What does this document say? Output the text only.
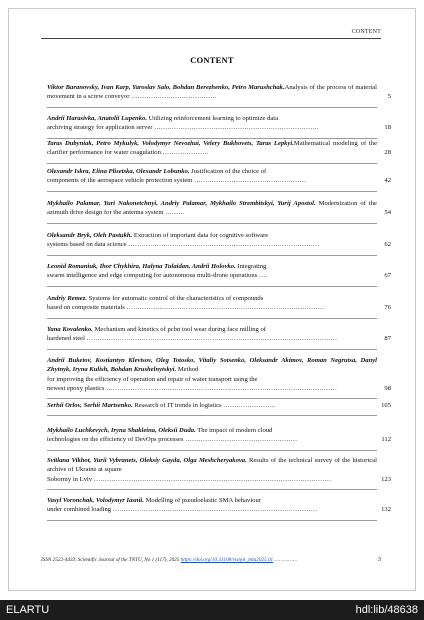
CONTENT
CONTENT
Viktor Baranovsky, Ivan Karp, Yaroslav Salo, Bohdan Berezhenko, Petro Marushchak.Analysis of the process of material movement in a screw conveyor …………………………………	5
Andrii Harasivka, Anatolii Lupenko. Utilizing reinforcement learning to optimize data
archiving strategy for application server …………………………………………………………………	18
Taras Dubyniak, Petro Mykulyk, Volodymyr Nevozhai, Velery Bukhovets, Taras Lepkyi.Mathematical modeling of the clarifier performance for water coagulation …………………	28
Olexandr Iskra, Elina Plisetska, Olexandr Lobunko. Justification of the choice of
components of the aerospace vehicle protection system ……………………………………………	42
Mykhailo Palamar, Yuri Nakonetchnyi, Andriy Palamar, Mykhailo Strembitskyi, Yurij Apostol. Modernization of the azimuth drive design for the antenna system ………	54
Oleksandr Bryk, Oleh Pastukh. Extraction of important data for cognitive software
systems based on data science ……………………………………………………………………………	62
Leonid Romaniuk, Ihor Chykhira, Halyna Tulaidan, Andrii Holovko. Integrating
swarm intelligence and edge computing for autonomous multi-drone operations ….	67
Andriy Remez. Systems for automatic control of the characteristics of compounds
based on composite materials ………………………………………………………………………………	76
Yana Kovalenko. Mechanism and kinetics of pcbn tool wear during face milling of
hardened steel ……………………………………………………………………………………………………	87
Andrii Buketov, Kostiantyn Klevtsov, Oleg Totosko, Vitaliy Sotsenko, Oleksandr Akimov, Roman Negrutsa, Danyl Zhytnyk, Iryna Kulish, Bohdan Krushelnytskyi. Method
for improving the efficiency of operation and repair of water transport using the
newest epoxy plastics ……………………………………………………………………………………………	98
Serhii Orlov, Serhii Martsenko. Research of IT trends in logistics ……………………	105
Mykhailo Luchkevych, Iryna Shakleina, Oleksii Duda. The impact of modern cloud
technologies on the efficiency of DevOps processes ……………………………………………	112
Svitlana Vikhot, Yurii Vybranets, Oleksiy Gayda, Olga Meshcheryakova. Results of the technical survey of the historical archive of Ukraine at square
Soborniy in Lviv ………………………………………………………………………………………………	123
Vasyl Voronchak, Volodymyr Iasnii. Modelling of pseudoelastic SMA behaviour
under combined loading …………………………………………………………………………………	132
ISSN 2522-4433. Scientific Journal of the TNTU, No 1 (117), 2025 https://doi.org/10.33108/visnyk_tntu2025.01 ……………	3
ELARTU	hdl:lib/48638
